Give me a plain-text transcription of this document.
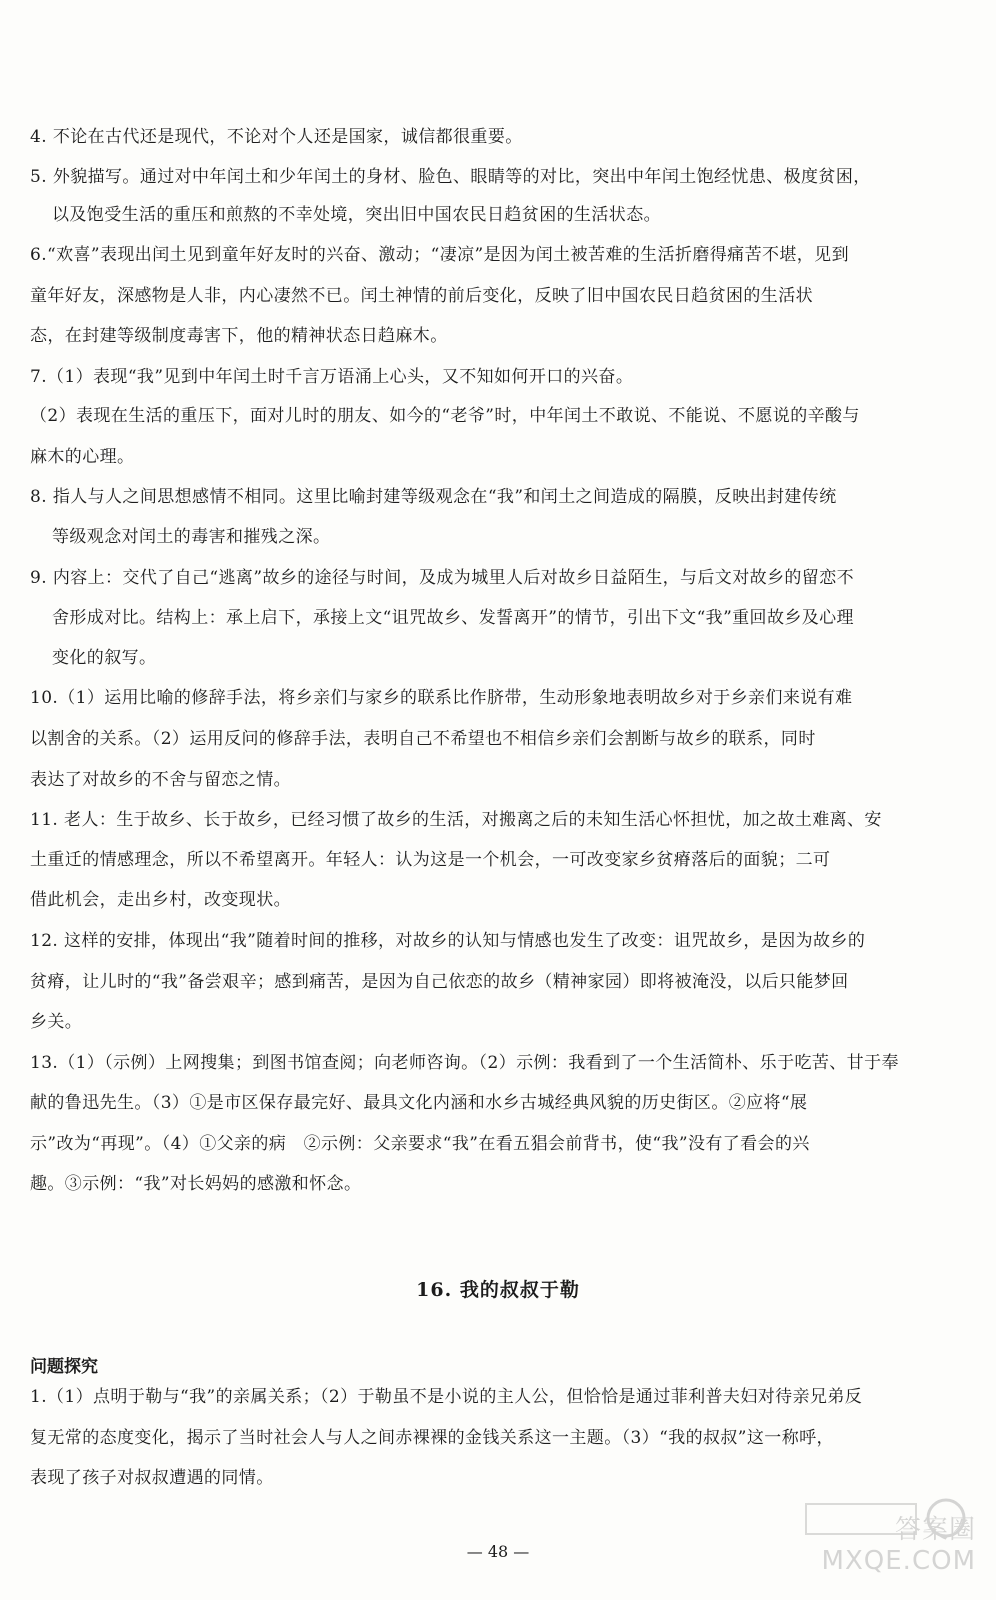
4. 不论在古代还是现代，不论对个人还是国家，诚信都很重要。
5. 外貌描写。通过对中年闰土和少年闰土的身材、脸色、眼睛等的对比，突出中年闰土饱经忧患、极度贫困，
以及饱受生活的重压和煎熬的不幸处境，突出旧中国农民日趋贫困的生活状态。
6.“欢喜”表现出闰土见到童年好友时的兴奋、激动；“凄凉”是因为闰土被苦难的生活折磨得痛苦不堪，见到
童年好友，深感物是人非，内心凄然不已。闰土神情的前后变化，反映了旧中国农民日趋贫困的生活状
态，在封建等级制度毒害下，他的精神状态日趋麻木。
7.（1）表现“我”见到中年闰土时千言万语涌上心头，又不知如何开口的兴奋。
（2）表现在生活的重压下，面对儿时的朋友、如今的“老爷”时，中年闰土不敢说、不能说、不愿说的辛酸与
麻木的心理。
8. 指人与人之间思想感情不相同。这里比喻封建等级观念在“我”和闰土之间造成的隔膜，反映出封建传统
等级观念对闰土的毒害和摧残之深。
9. 内容上：交代了自己“逃离”故乡的途径与时间，及成为城里人后对故乡日益陌生，与后文对故乡的留恋不
舍形成对比。结构上：承上启下，承接上文“诅咒故乡、发誓离开”的情节，引出下文“我”重回故乡及心理
变化的叙写。
10.（1）运用比喻的修辞手法，将乡亲们与家乡的联系比作脐带，生动形象地表明故乡对于乡亲们来说有难
以割舍的关系。（2）运用反问的修辞手法，表明自己不希望也不相信乡亲们会割断与故乡的联系，同时
表达了对故乡的不舍与留恋之情。
11. 老人：生于故乡、长于故乡，已经习惯了故乡的生活，对搬离之后的未知生活心怀担忧，加之故土难离、安
土重迁的情感理念，所以不希望离开。年轻人：认为这是一个机会，一可改变家乡贫瘠落后的面貌；二可
借此机会，走出乡村，改变现状。
12. 这样的安排，体现出“我”随着时间的推移，对故乡的认知与情感也发生了改变：诅咒故乡，是因为故乡的
贫瘠，让儿时的“我”备尝艰辛；感到痛苦，是因为自己依恋的故乡（精神家园）即将被淹没，以后只能梦回
乡关。
13.（1）（示例）上网搜集；到图书馆查阅；向老师咨询。（2）示例：我看到了一个生活简朴、乐于吃苦、甘于奉
献的鲁迅先生。（3）①是市区保存最完好、最具文化内涵和水乡古城经典风貌的历史街区。②应将“展
示”改为“再现”。（4）①父亲的病　②示例：父亲要求“我”在看五猖会前背书，使“我”没有了看会的兴
趣。③示例：“我”对长妈妈的感激和怀念。
16. 我的叔叔于勒
问题探究
1.（1）点明于勒与“我”的亲属关系；（2）于勒虽不是小说的主人公，但恰恰是通过菲利普夫妇对待亲兄弟反
复无常的态度变化，揭示了当时社会人与人之间赤裸裸的金钱关系这一主题。（3）“我的叔叔”这一称呼，
表现了孩子对叔叔遭遇的同情。
— 48 —
答案圈 MXQE.COM
